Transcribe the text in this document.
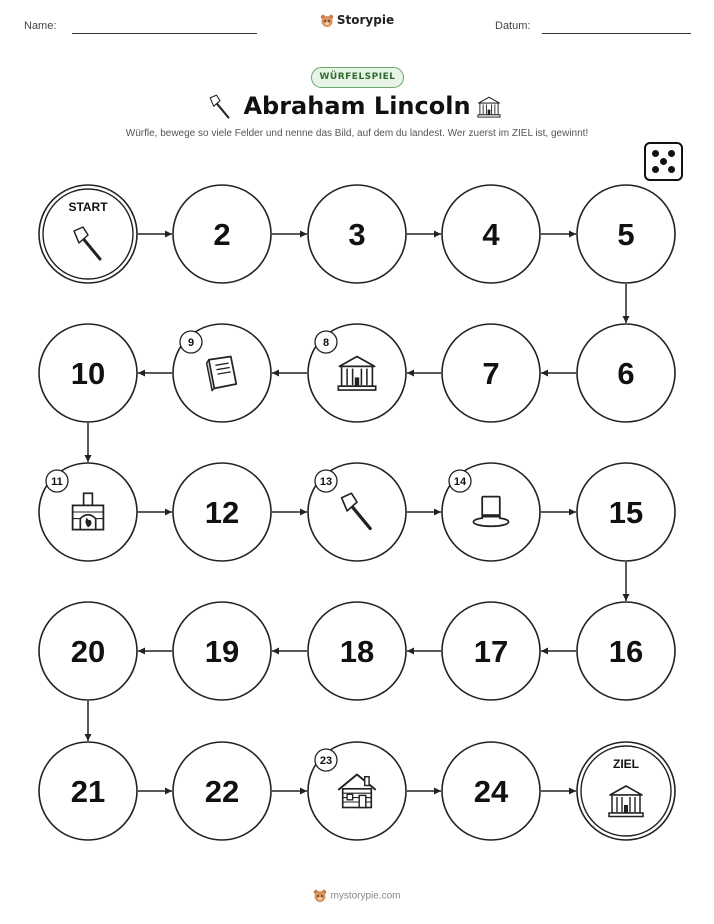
Name:	Storypie	Datum:
WÜRFELSPIEL
Abraham Lincoln
Würfle, bewege so viele Felder und nenne das Bild, auf dem du landest. Wer zuerst im ZIEL ist, gewinnt!
START
2	3	4	5
6
7
8
9
10
11
12
13	14
15
16
17
18
19
20
21	22
23
24
ZIEL
mystorypie.com
